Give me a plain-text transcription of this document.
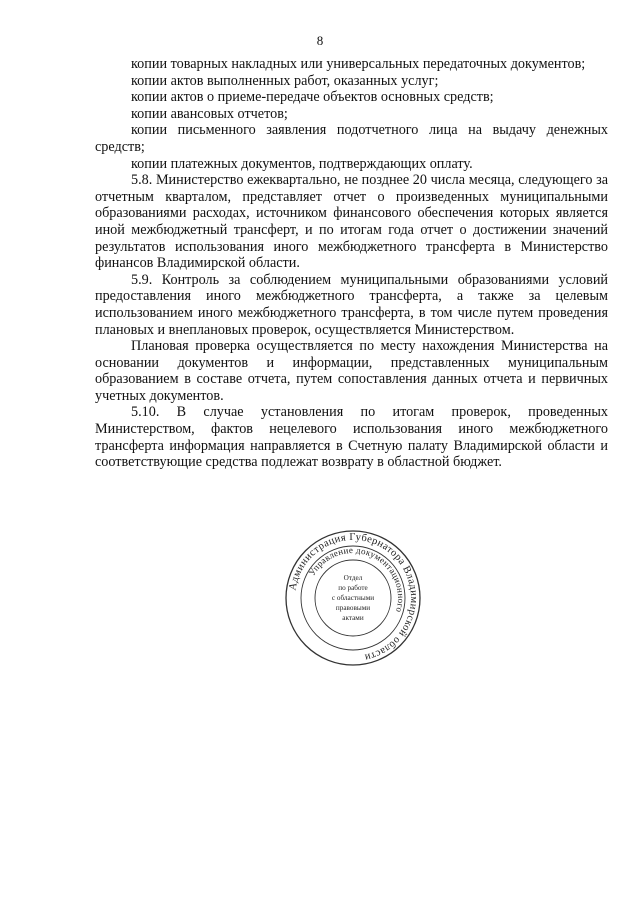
8

копии товарных накладных или универсальных передаточных документов;

копии актов выполненных работ, оказанных услуг;

копии актов о приеме-передаче объектов основных средств;

копии авансовых отчетов;

копии письменного заявления подотчетного лица на выдачу денежных средств;

копии платежных документов, подтверждающих оплату.

5.8. Министерство ежеквартально, не позднее 20 числа месяца, следующего за отчетным кварталом, представляет отчет о произведенных муниципальными образованиями расходах, источником финансового обеспечения которых является иной межбюджетный трансферт, и по итогам года отчет о достижении значений результатов использования иного межбюджетного трансферта в Министерство финансов Владимирской области.

5.9. Контроль за соблюдением муниципальными образованиями условий предоставления иного межбюджетного трансферта, а также за целевым использованием иного межбюджетного трансферта, в том числе путем проведения плановых и внеплановых проверок, осуществляется Министерством.

Плановая проверка осуществляется по месту нахождения Министерства на основании документов и информации, представленных муниципальным образованием в составе отчета, путем сопоставления данных отчета и первичных учетных документов.

5.10. В случае установления по итогам проверок, проведенных Министерством, фактов нецелевого использования иного межбюджетного трансферта информация направляется в Счетную палату Владимирской области и соответствующие средства подлежат возврату в областной бюджет.

Администрация Губернатора Владимирской области
Управление документационного
Отдел
по работе
с областными
правовыми
актами
